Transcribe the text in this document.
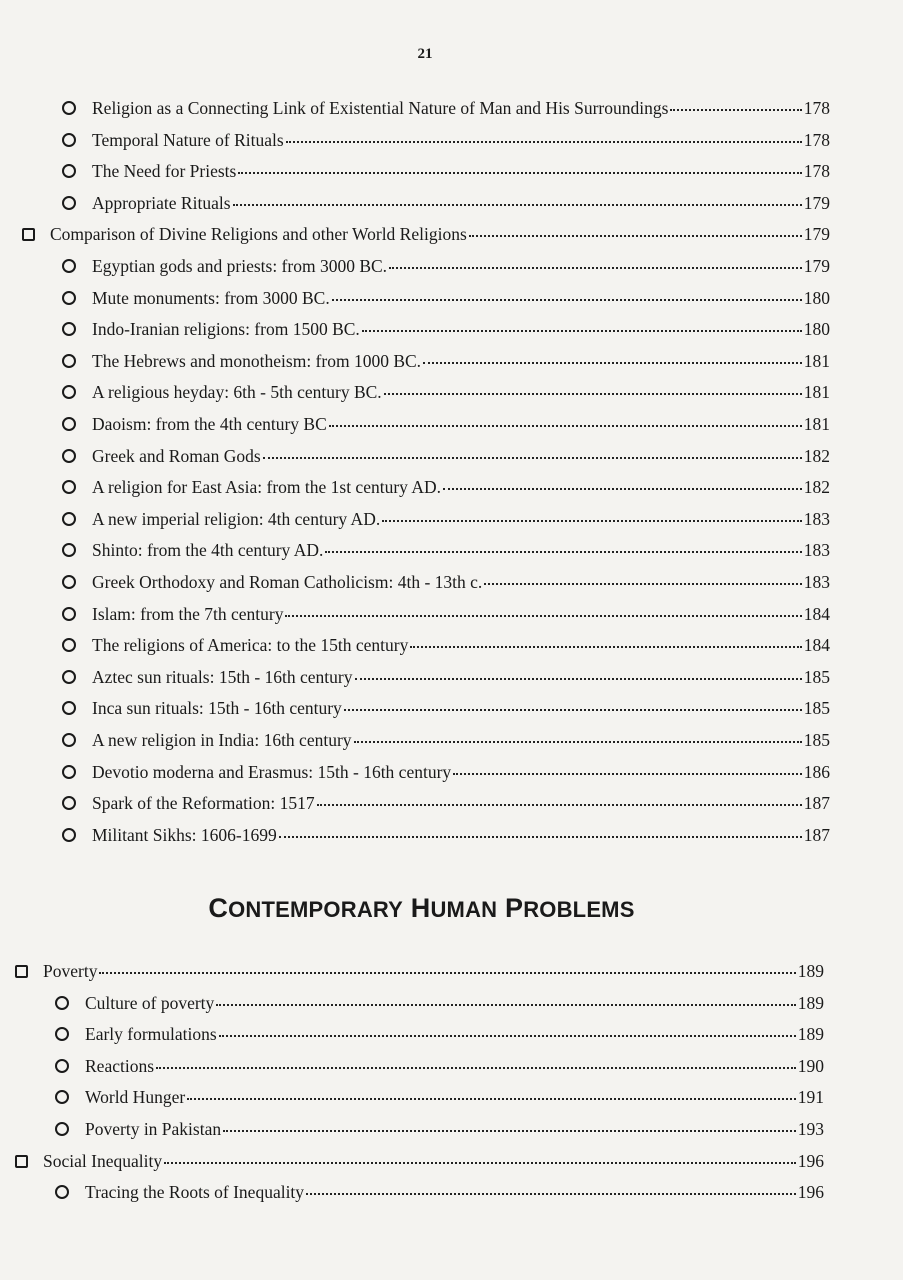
21
Religion as a Connecting Link of Existential Nature of Man and His Surroundings	178
Temporal Nature of Rituals	178
The Need for Priests	178
Appropriate Rituals	179
Comparison of Divine Religions and other World Religions	179
Egyptian gods and priests: from 3000 BC.	179
Mute monuments: from 3000 BC.	180
Indo-Iranian religions: from 1500 BC.	180
The Hebrews and monotheism: from 1000 BC.	181
A religious heyday: 6th - 5th century BC.	181
Daoism: from the 4th century BC	181
Greek and Roman Gods	182
A religion for East Asia: from the 1st century AD.	182
A new imperial religion: 4th century AD.	183
Shinto: from the 4th century AD.	183
Greek Orthodoxy and Roman Catholicism: 4th - 13th c.	183
Islam: from the 7th century	184
The religions of America: to the 15th century	184
Aztec sun rituals: 15th - 16th century	185
Inca sun rituals: 15th - 16th century	185
A new religion in India: 16th century	185
Devotio moderna and Erasmus: 15th - 16th century	186
Spark of the Reformation: 1517	187
Militant Sikhs: 1606-1699	187
Poverty	189
Culture of poverty	189
Early formulations	189
Reactions	190
World Hunger	191
Poverty in Pakistan	193
Social Inequality	196
Tracing the Roots of Inequality	196
CONTEMPORARY HUMAN PROBLEMS
